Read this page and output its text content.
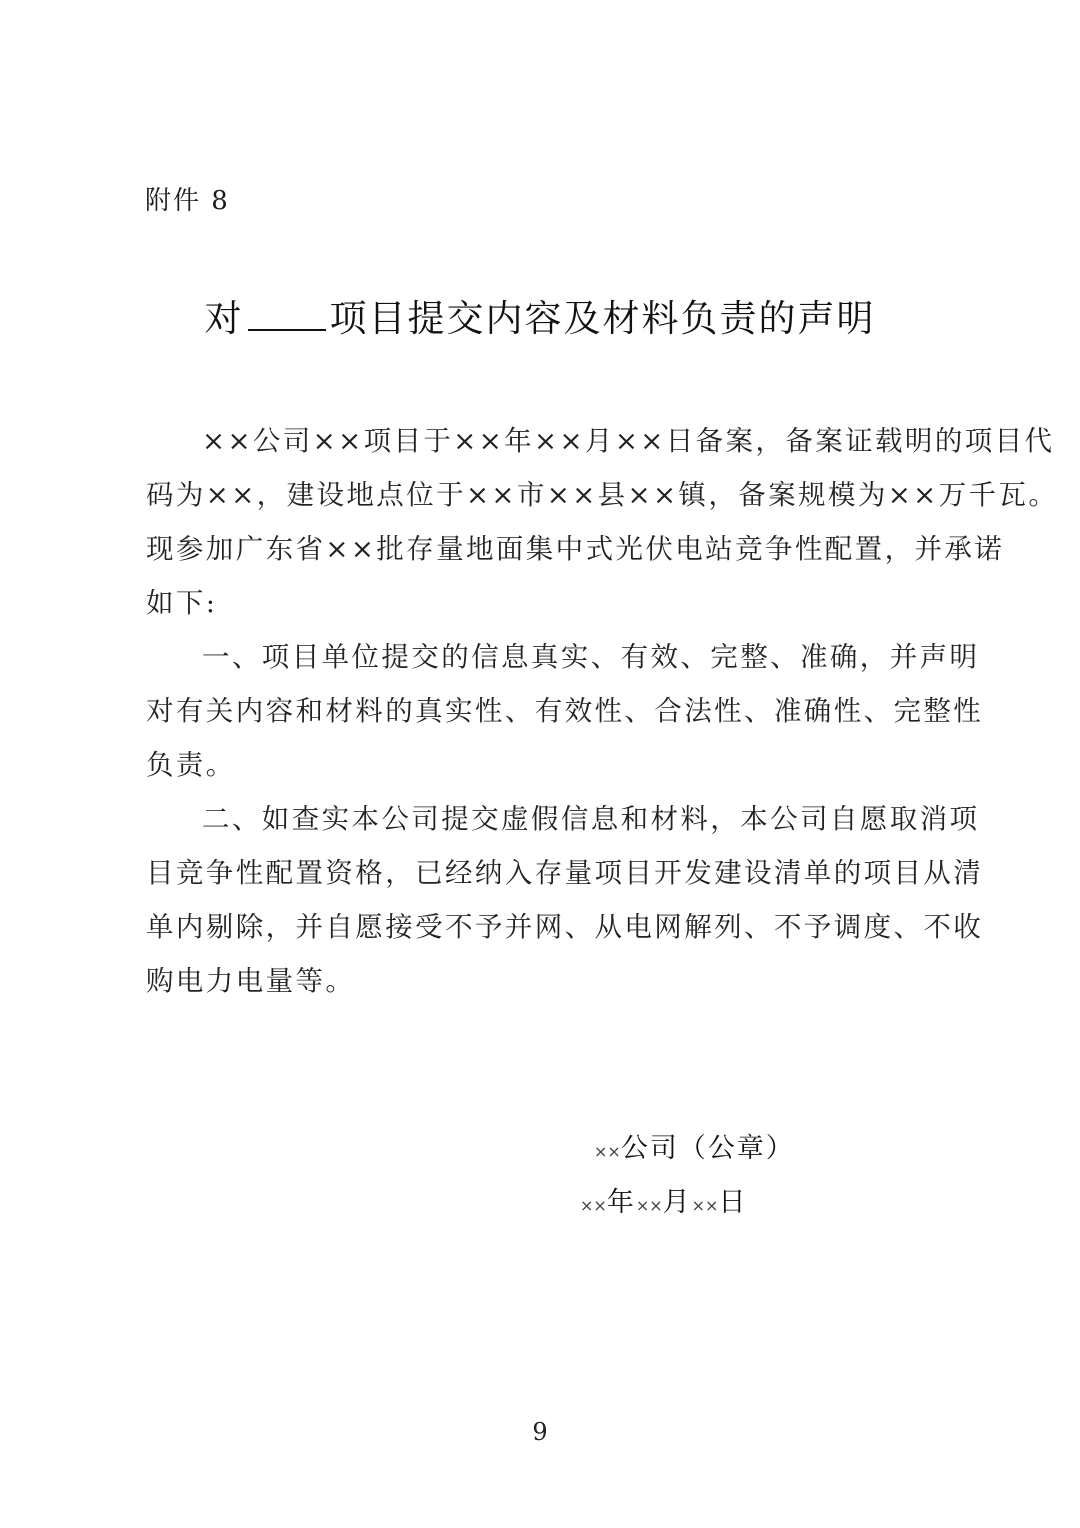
附件 8
对 项目提交内容及材料负责的声明
××公司××项目于××年××月××日备案，备案证载明的项目代
码为××，建设地点位于××市××县××镇，备案规模为××万千瓦。
现参加广东省××批存量地面集中式光伏电站竞争性配置，并承诺
如下:
一、项目单位提交的信息真实、有效、完整、准确，并声明
对有关内容和材料的真实性、有效性、合法性、准确性、完整性
负责。
二、如查实本公司提交虚假信息和材料，本公司自愿取消项
目竞争性配置资格，已经纳入存量项目开发建设清单的项目从清
单内剔除，并自愿接受不予并网、从电网解列、不予调度、不收
购电力电量等。
××公司（公章）
××年××月××日
9
